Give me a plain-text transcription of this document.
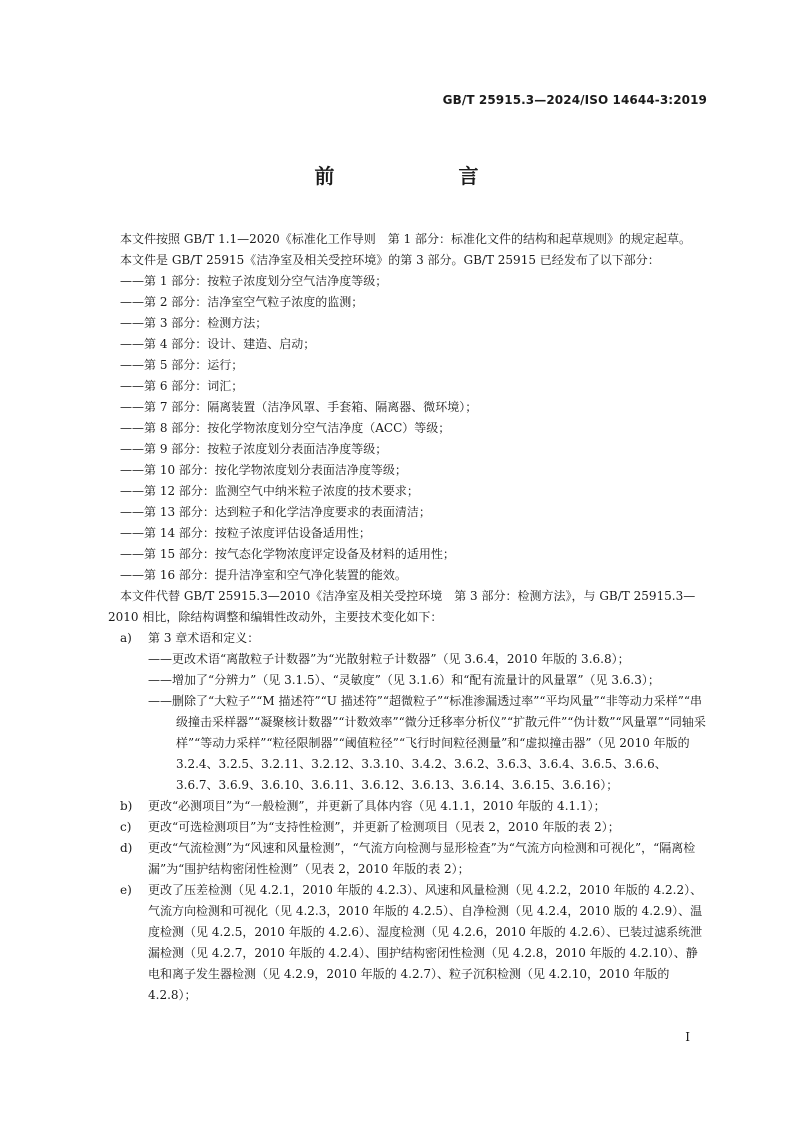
GB/T 25915.3—2024/ISO 14644-3:2019
前　　言

本文件按照 GB/T 1.1—2020《标准化工作导则　第 1 部分：标准化文件的结构和起草规则》的规定起草。

本文件是 GB/T 25915《洁净室及相关受控环境》的第 3 部分。GB/T 25915 已经发布了以下部分：

——第 1 部分：按粒子浓度划分空气洁净度等级；
——第 2 部分：洁净室空气粒子浓度的监测；
——第 3 部分：检测方法；
——第 4 部分：设计、建造、启动；
——第 5 部分：运行；
——第 6 部分：词汇；
——第 7 部分：隔离装置（洁净风罩、手套箱、隔离器、微环境）；
——第 8 部分：按化学物浓度划分空气洁净度（ACC）等级；
——第 9 部分：按粒子浓度划分表面洁净度等级；
——第 10 部分：按化学物浓度划分表面洁净度等级；
——第 12 部分：监测空气中纳米粒子浓度的技术要求；
——第 13 部分：达到粒子和化学洁净度要求的表面清洁；
——第 14 部分：按粒子浓度评估设备适用性；
——第 15 部分：按气态化学物浓度评定设备及材料的适用性；
——第 16 部分：提升洁净室和空气净化装置的能效。

本文件代替 GB/T 25915.3—2010《洁净室及相关受控环境　第 3 部分：检测方法》，与 GB/T 25915.3—2010 相比，除结构调整和编辑性改动外，主要技术变化如下：

a) 第 3 章术语和定义：
——更改术语“离散粒子计数器”为“光散射粒子计数器”（见 3.6.4，2010 年版的 3.6.8）；
——增加了“分辨力”（见 3.1.5）、“灵敏度”（见 3.1.6）和“配有流量计的风量罩”（见 3.6.3）；
——删除了“大粒子”“M 描述符”“U 描述符”“超微粒子”“标准渗漏透过率”“平均风量”“非等动力采样”“串级撞击采样器”“凝聚核计数器”“计数效率”“微分迁移率分析仪”“扩散元件”“伪计数”“风量罩”“同轴采样”“等动力采样”“粒径限制器”“阈值粒径”“飞行时间粒径测量”和“虚拟撞击器”（见 2010 年版的 3.2.4、3.2.5、3.2.11、3.2.12、3.3.10、3.4.2、3.6.2、3.6.3、3.6.4、3.6.5、3.6.6、3.6.7、3.6.9、3.6.10、3.6.11、3.6.12、3.6.13、3.6.14、3.6.15、3.6.16）；
b) 更改“必测项目”为“一般检测”，并更新了具体内容（见 4.1.1，2010 年版的 4.1.1）；
c) 更改“可选检测项目”为“支持性检测”，并更新了检测项目（见表 2，2010 年版的表 2）；
d) 更改“气流检测”为“风速和风量检测”，“气流方向检测与显形检查”为“气流方向检测和可视化”，“隔离检漏”为“围护结构密闭性检测”（见表 2，2010 年版的表 2）；
e) 更改了压差检测（见 4.2.1，2010 年版的 4.2.3）、风速和风量检测（见 4.2.2，2010 年版的 4.2.2）、气流方向检测和可视化（见 4.2.3，2010 年版的 4.2.5）、自净检测（见 4.2.4，2010 版的 4.2.9）、温度检测（见 4.2.5，2010 年版的 4.2.6）、湿度检测（见 4.2.6，2010 年版的 4.2.6）、已装过滤系统泄漏检测（见 4.2.7，2010 年版的 4.2.4）、围护结构密闭性检测（见 4.2.8，2010 年版的 4.2.10）、静电和离子发生器检测（见 4.2.9，2010 年版的 4.2.7）、粒子沉积检测（见 4.2.10，2010 年版的 4.2.8）；
I
